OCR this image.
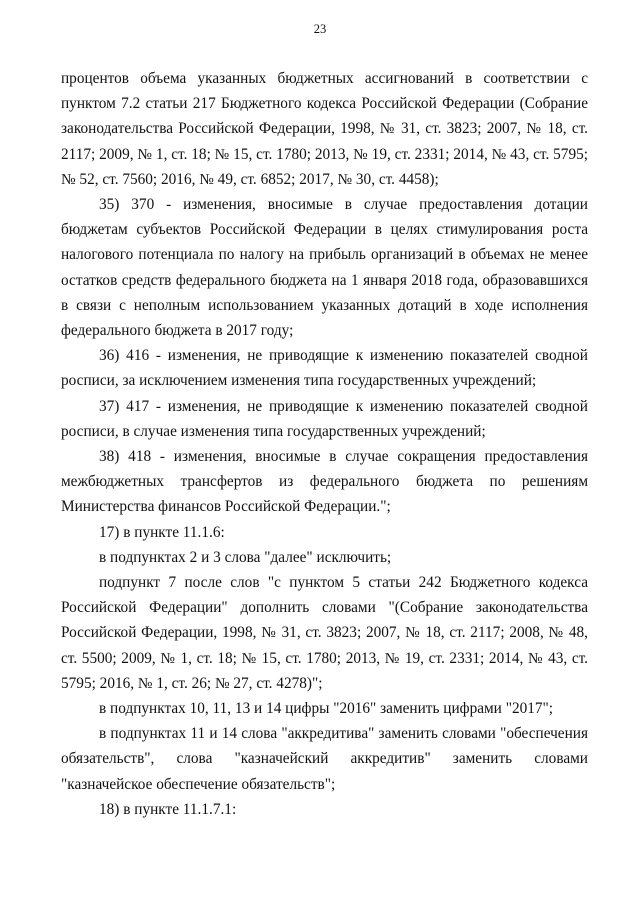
23

процентов объема указанных бюджетных ассигнований в соответствии с пунктом 7.2 статьи 217 Бюджетного кодекса Российской Федерации (Собрание законодательства Российской Федерации, 1998, № 31, ст. 3823; 2007, № 18, ст. 2117; 2009, № 1, ст. 18; № 15, ст. 1780; 2013, № 19, ст. 2331; 2014, № 43, ст. 5795; № 52, ст. 7560; 2016, № 49, ст. 6852; 2017, № 30, ст. 4458);

35) 370 - изменения, вносимые в случае предоставления дотации бюджетам субъектов Российской Федерации в целях стимулирования роста налогового потенциала по налогу на прибыль организаций в объемах не менее остатков средств федерального бюджета на 1 января 2018 года, образовавшихся в связи с неполным использованием указанных дотаций в ходе исполнения федерального бюджета в 2017 году;

36) 416 - изменения, не приводящие к изменению показателей сводной росписи, за исключением изменения типа государственных учреждений;

37) 417 - изменения, не приводящие к изменению показателей сводной росписи, в случае изменения типа государственных учреждений;

38) 418 - изменения, вносимые в случае сокращения предоставления межбюджетных трансфертов из федерального бюджета по решениям Министерства финансов Российской Федерации.";

17) в пункте 11.1.6:

в подпунктах 2 и 3 слова "далее" исключить;

подпункт 7 после слов "с пунктом 5 статьи 242 Бюджетного кодекса Российской Федерации" дополнить словами "(Собрание законодательства Российской Федерации, 1998, № 31, ст. 3823; 2007, № 18, ст. 2117; 2008, № 48, ст. 5500; 2009, № 1, ст. 18; № 15, ст. 1780; 2013, № 19, ст. 2331; 2014, № 43, ст. 5795; 2016, № 1, ст. 26; № 27, ст. 4278)";

в подпунктах 10, 11, 13 и 14 цифры "2016" заменить цифрами "2017";

в подпунктах 11 и 14 слова "аккредитива" заменить словами "обеспечения обязательств", слова "казначейский аккредитив" заменить словами "казначейское обеспечение обязательств";

18) в пункте 11.1.7.1:
